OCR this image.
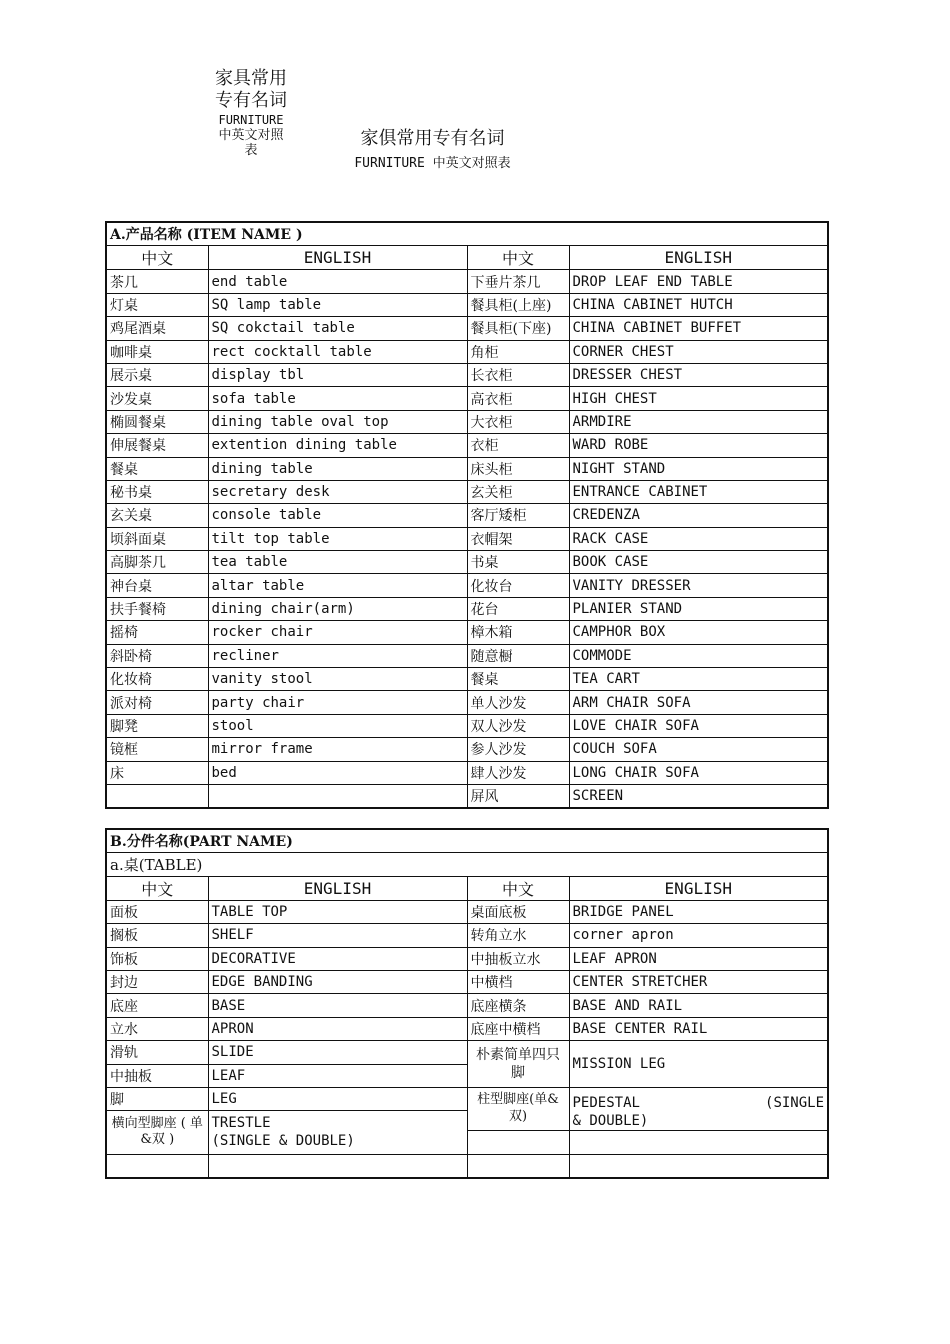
家具常用
专有名词
FURNITURE
中英文对照
表
家俱常用专有名词
FURNITURE 中英文对照表
A.产品名称 (ITEM NAME )			
中文	ENGLISH	中文	ENGLISH
茶几	end table	下垂片茶几	DROP LEAF END TABLE
灯桌	SQ lamp table	餐具柜(上座)	CHINA CABINET HUTCH
鸡尾酒桌	SQ cokctail table	餐具柜(下座)	CHINA CABINET BUFFET
咖啡桌	rect cocktall table	角柜	CORNER CHEST
展示桌	display tbl	长衣柜	DRESSER CHEST
沙发桌	sofa table	高衣柜	HIGH CHEST
椭圆餐桌	dining table oval top	大衣柜	ARMDIRE
伸展餐桌	extention dining table	衣柜	WARD ROBE
餐桌	dining table	床头柜	NIGHT STAND
秘书桌	secretary desk	玄关柜	ENTRANCE CABINET
玄关桌	console table	客厅矮柜	CREDENZA
顷斜面桌	tilt top table	衣帽架	RACK CASE
高脚茶几	tea table	书桌	BOOK CASE
神台桌	altar table	化妆台	VANITY DRESSER
扶手餐椅	dining chair(arm)	花台	PLANIER STAND
摇椅	rocker chair	樟木箱	CAMPHOR BOX
斜卧椅	recliner	随意橱	COMMODE
化妆椅	vanity stool	餐桌	TEA CART
派对椅	party chair	单人沙发	ARM CHAIR SOFA
脚凳	stool	双人沙发	LOVE CHAIR SOFA
镜框	mirror frame	参人沙发	COUCH SOFA
床	bed	肆人沙发	LONG CHAIR SOFA
		屏风	SCREEN
B.分件名称(PART NAME)			
a.桌(TABLE)			
中文	ENGLISH	中文	ENGLISH
面板	TABLE TOP	桌面底板	BRIDGE PANEL
搁板	SHELF	转角立水	corner apron
饰板	DECORATIVE	中抽板立水	LEAF APRON
封边	EDGE BANDING	中横档	CENTER STRETCHER
底座	BASE	底座横条	BASE AND RAIL
立水	APRON	底座中横档	BASE CENTER RAIL
滑轨	SLIDE	朴素简单四只脚	MISSION LEG
中抽板	LEAF		
脚	LEG	柱型脚座(单&双)	PEDESTAL (SINGLE
& DOUBLE)

横向型脚座 ( 单&双 )	TRESTLE
(SINGLE & DOUBLE)		
